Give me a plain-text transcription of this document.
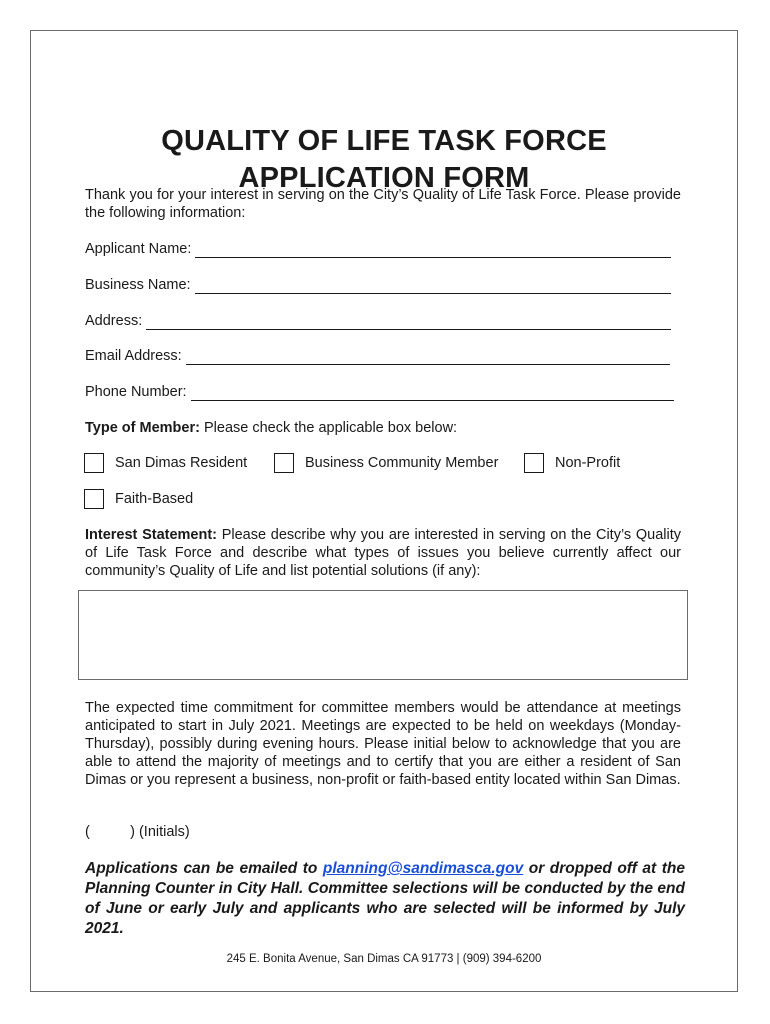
QUALITY OF LIFE TASK FORCE
APPLICATION FORM
Thank you for your interest in serving on the City’s Quality of Life Task Force. Please provide the following information:
Applicant Name:
Business Name:
Address:
Email Address:
Phone Number:
Type of Member: Please check the applicable box below:
San Dimas Resident	Business Community Member	Non-Profit
Faith-Based
Interest Statement: Please describe why you are interested in serving on the City’s Quality of Life Task Force and describe what types of issues you believe currently affect our community’s Quality of Life and list potential solutions (if any):
The expected time commitment for committee members would be attendance at meetings anticipated to start in July 2021. Meetings are expected to be held on weekdays (Monday-Thursday), possibly during evening hours. Please initial below to acknowledge that you are able to attend the majority of meetings and to certify that you are either a resident of San Dimas or you represent a business, non-profit or faith-based entity located within San Dimas.
(          ) (Initials)
Applications can be emailed to planning@sandimasca.gov or dropped off at the Planning Counter in City Hall. Committee selections will be conducted by the end of June or early July and applicants who are selected will be informed by July 2021.
245 E. Bonita Avenue, San Dimas CA 91773 | (909) 394-6200
